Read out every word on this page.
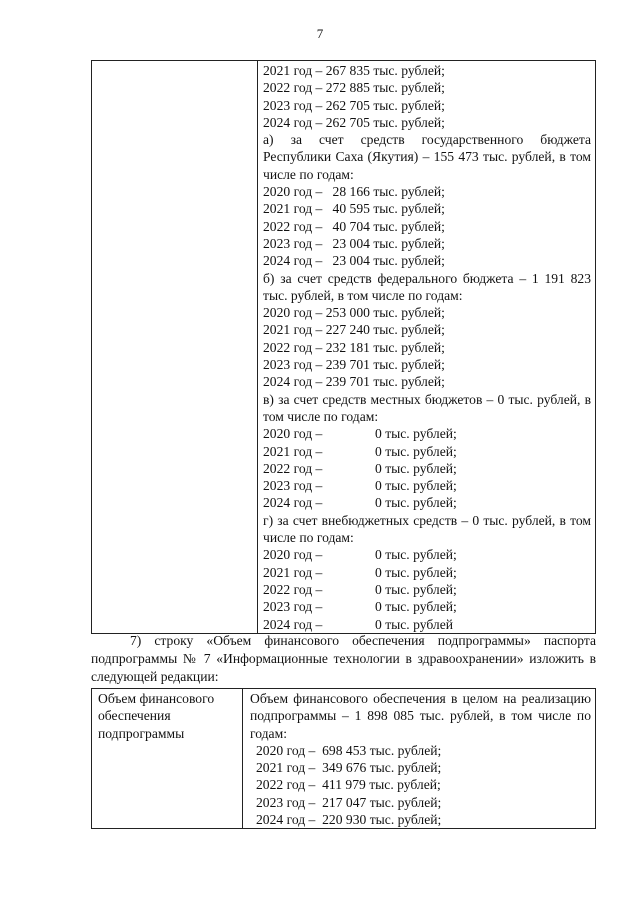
7

2021 год – 267 835 тыс. рублей;
2022 год – 272 885 тыс. рублей;
2023 год – 262 705 тыс. рублей;
2024 год – 262 705 тыс. рублей;
а) за счет средств государственного бюджета Республики Саха (Якутия) – 155 473 тыс. рублей, в том числе по годам:
2020 год –   28 166 тыс. рублей;
2021 год –   40 595 тыс. рублей;
2022 год –   40 704 тыс. рублей;
2023 год –   23 004 тыс. рублей;
2024 год –   23 004 тыс. рублей;
б) за счет средств федерального бюджета – 1 191 823 тыс. рублей, в том числе по годам:
2020 год – 253 000 тыс. рублей;
2021 год – 227 240 тыс. рублей;
2022 год – 232 181 тыс. рублей;
2023 год – 239 701 тыс. рублей;
2024 год – 239 701 тыс. рублей;
в) за счет средств местных бюджетов – 0 тыс. рублей, в том числе по годам:
2020 год –	0 тыс. рублей;
2021 год –	0 тыс. рублей;
2022 год –	0 тыс. рублей;
2023 год –	0 тыс. рублей;
2024 год –	0 тыс. рублей;
г) за счет внебюджетных средств – 0 тыс. рублей, в том числе по годам:
2020 год –	0 тыс. рублей;
2021 год –	0 тыс. рублей;
2022 год –	0 тыс. рублей;
2023 год –	0 тыс. рублей;
2024 год –	0 тыс. рублей
7) строку «Объем финансового обеспечения подпрограммы» паспорта
подпрограммы № 7 «Информационные технологии в здравоохранении» изложить в следующей редакции:
Объем финансового обеспечения подпрограммы	
Объем финансового обеспечения в целом на реализацию подпрограммы – 1 898 085 тыс. рублей, в том числе по годам:
2020 год –  698 453 тыс. рублей;
2021 год –  349 676 тыс. рублей;
2022 год –  411 979 тыс. рублей;
2023 год –  217 047 тыс. рублей;
2024 год –  220 930 тыс. рублей;
